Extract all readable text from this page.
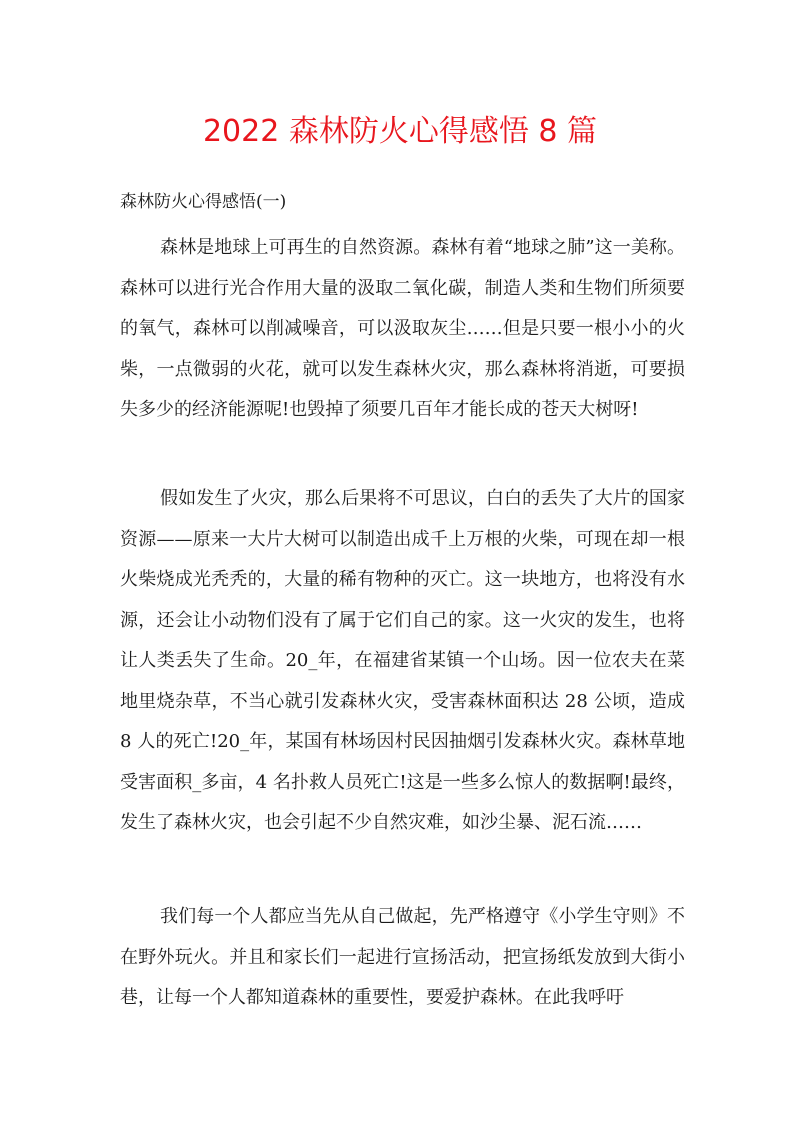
2022 森林防火心得感悟 8 篇
森林防火心得感悟(一)

森林是地球上可再生的自然资源。森林有着“地球之肺”这一美称。森林可以进行光合作用大量的汲取二氧化碳，制造人类和生物们所须要的氧气，森林可以削减噪音，可以汲取灰尘……但是只要一根小小的火柴，一点微弱的火花，就可以发生森林火灾，那么森林将消逝，可要损失多少的经济能源呢!也毁掉了须要几百年才能长成的苍天大树呀!

假如发生了火灾，那么后果将不可思议，白白的丢失了大片的国家资源——原来一大片大树可以制造出成千上万根的火柴，可现在却一根火柴烧成光秃秃的，大量的稀有物种的灭亡。这一块地方，也将没有水源，还会让小动物们没有了属于它们自己的家。这一火灾的发生，也将让人类丢失了生命。20_年，在福建省某镇一个山场。因一位农夫在菜地里烧杂草，不当心就引发森林火灾，受害森林面积达 28 公顷，造成 8 人的死亡!20_年，某国有林场因村民因抽烟引发森林火灾。森林草地受害面积_多亩，4 名扑救人员死亡!这是一些多么惊人的数据啊!最终，发生了森林火灾，也会引起不少自然灾难，如沙尘暴、泥石流……

我们每一个人都应当先从自己做起，先严格遵守《小学生守则》不在野外玩火。并且和家长们一起进行宣扬活动，把宣扬纸发放到大街小巷，让每一个人都知道森林的重要性，要爱护森林。在此我呼吁
